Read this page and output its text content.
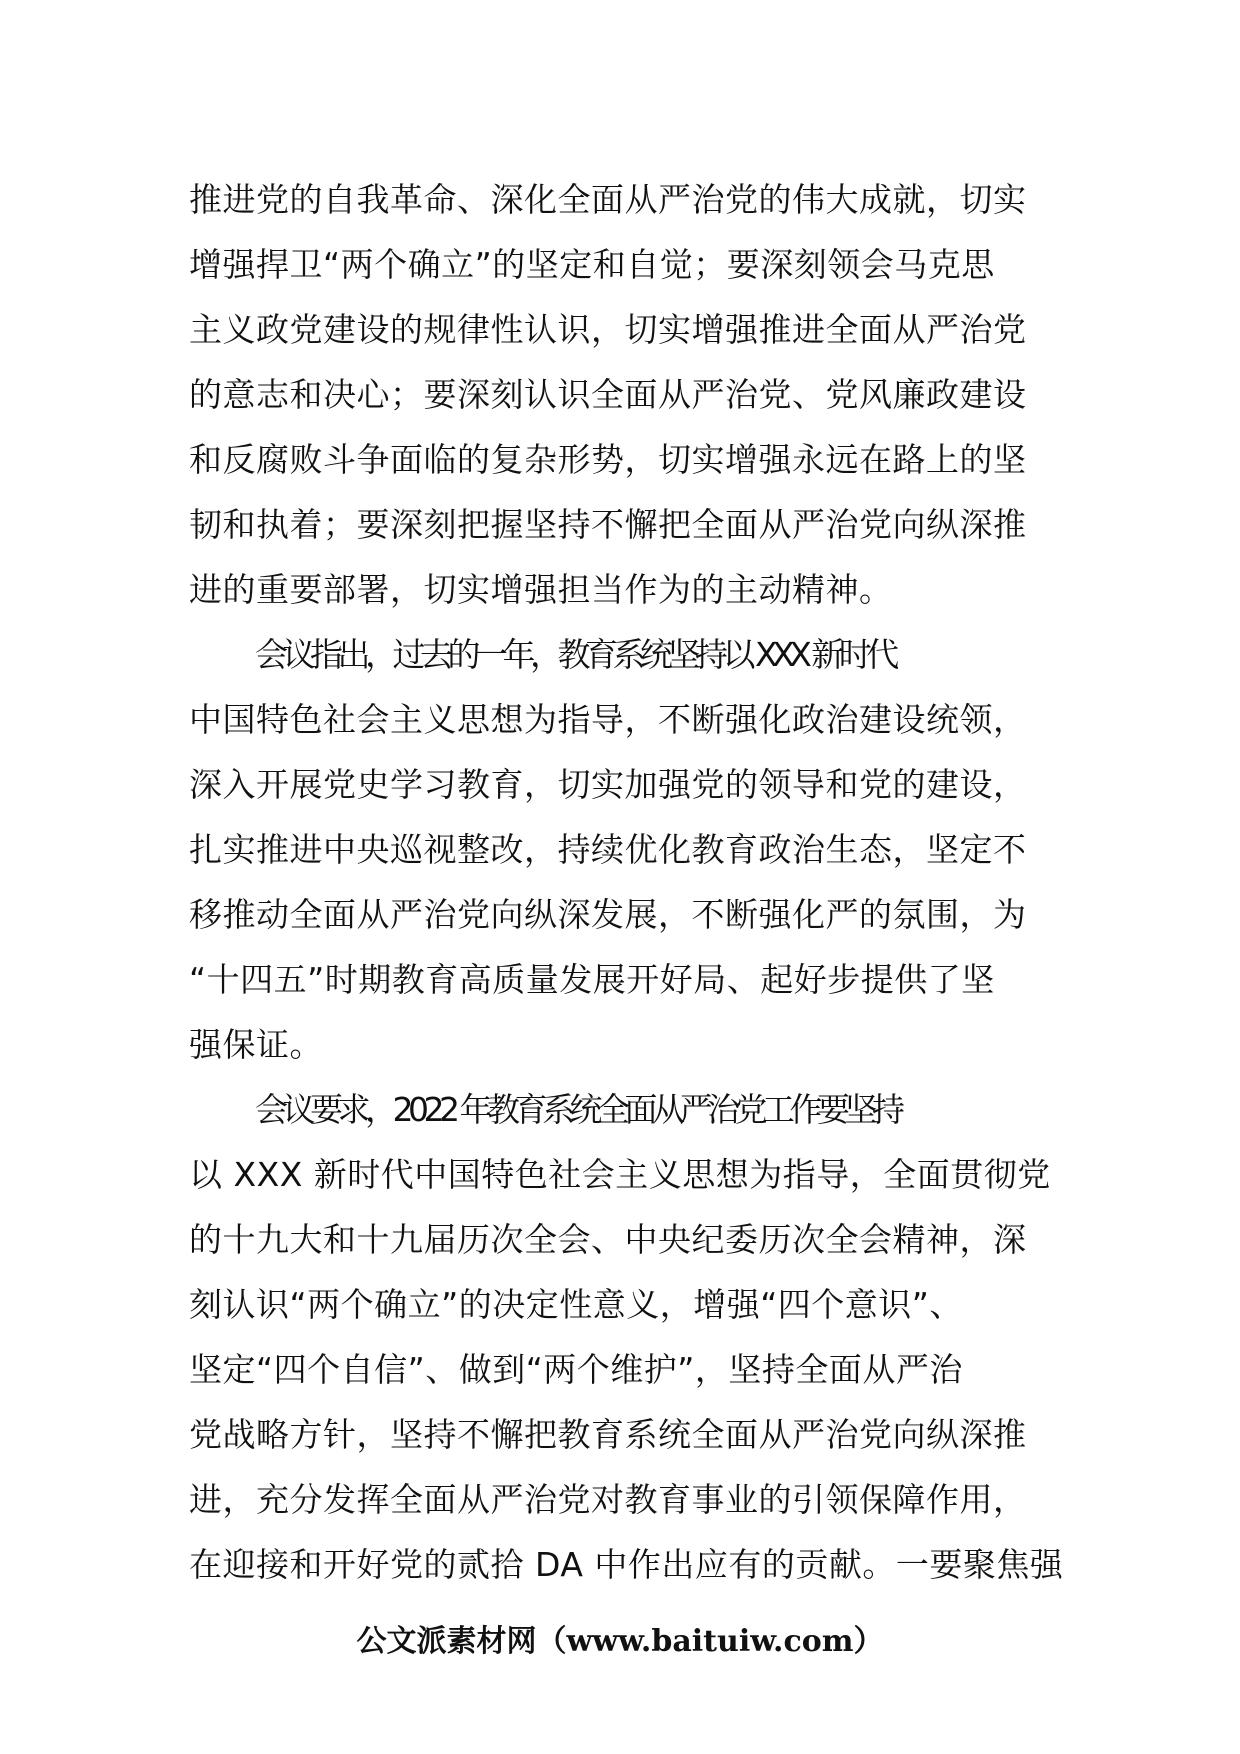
推进党的自我革命、深化全面从严治党的伟大成就，切实
增强捍卫“两个确立”的坚定和自觉；要深刻领会马克思
主义政党建设的规律性认识，切实增强推进全面从严治党
的意志和决心；要深刻认识全面从严治党、党风廉政建设
和反腐败斗争面临的复杂形势，切实增强永远在路上的坚
韧和执着；要深刻把握坚持不懈把全面从严治党向纵深推
进的重要部署，切实增强担当作为的主动精神。
会议指出，过去的一年，教育系统坚持以 XXX 新时代
中国特色社会主义思想为指导，不断强化政治建设统领，
深入开展党史学习教育，切实加强党的领导和党的建设，
扎实推进中央巡视整改，持续优化教育政治生态，坚定不
移推动全面从严治党向纵深发展，不断强化严的氛围，为
“十四五”时期教育高质量发展开好局、起好步提供了坚
强保证。
会议要求，2022 年教育系统全面从严治党工作要坚持
以 XXX 新时代中国特色社会主义思想为指导，全面贯彻党
的十九大和十九届历次全会、中央纪委历次全会精神，深
刻认识“两个确立”的决定性意义，增强“四个意识”、
坚定“四个自信”、做到“两个维护”，坚持全面从严治
党战略方针，坚持不懈把教育系统全面从严治党向纵深推
进，充分发挥全面从严治党对教育事业的引领保障作用，
在迎接和开好党的贰拾 DA 中作出应有的贡献。一要聚焦强
公文派素材网（www.baituiw.com）
